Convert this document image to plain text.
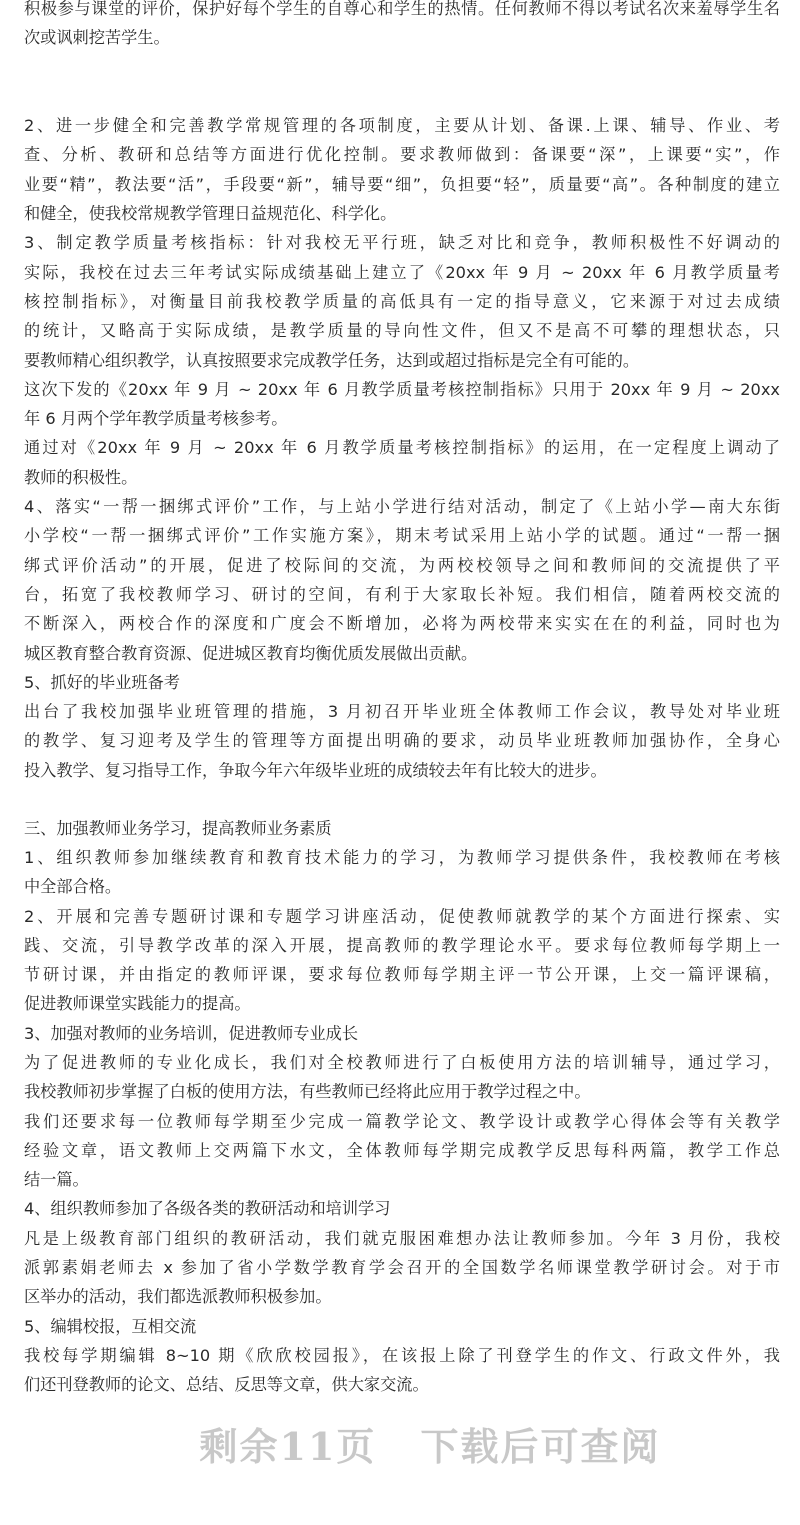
积极参与课堂的评价，保护好每个学生的自尊心和学生的热情。任何教师不得以考试名次来羞辱学生名
次或讽刺挖苦学生。
2、进一步健全和完善教学常规管理的各项制度，主要从计划、备课.上课、辅导、作业、考
查、分析、教研和总结等方面进行优化控制。要求教师做到：备课要“深”，上课要“实”，作
业要“精”，教法要“活”，手段要“新”，辅导要“细”，负担要“轻”，质量要“高”。各种制度的建立
和健全，使我校常规教学管理日益规范化、科学化。
3、制定教学质量考核指标：针对我校无平行班，缺乏对比和竞争，教师积极性不好调动的
实际，我校在过去三年考试实际成绩基础上建立了《20xx 年 9 月 ~ 20xx 年 6 月教学质量考
核控制指标》，对衡量目前我校教学质量的高低具有一定的指导意义，它来源于对过去成绩
的统计，又略高于实际成绩，是教学质量的导向性文件，但又不是高不可攀的理想状态，只
要教师精心组织教学，认真按照要求完成教学任务，达到或超过指标是完全有可能的。
这次下发的《20xx 年 9 月 ~ 20xx 年 6 月教学质量考核控制指标》只用于 20xx 年 9 月 ~ 20xx
年 6 月两个学年教学质量考核参考。
通过对《20xx 年 9 月 ~ 20xx 年 6 月教学质量考核控制指标》的运用，在一定程度上调动了
教师的积极性。
4、落实“一帮一捆绑式评价”工作，与上站小学进行结对活动，制定了《上站小学—南大东街
小学校“一帮一捆绑式评价”工作实施方案》，期末考试采用上站小学的试题。通过“一帮一捆
绑式评价活动”的开展，促进了校际间的交流，为两校校领导之间和教师间的交流提供了平
台，拓宽了我校教师学习、研讨的空间，有利于大家取长补短。我们相信，随着两校交流的
不断深入，两校合作的深度和广度会不断增加，必将为两校带来实实在在的利益，同时也为
城区教育整合教育资源、促进城区教育均衡优质发展做出贡献。
5、抓好的毕业班备考
出台了我校加强毕业班管理的措施，3 月初召开毕业班全体教师工作会议，教导处对毕业班
的教学、复习迎考及学生的管理等方面提出明确的要求，动员毕业班教师加强协作，全身心
投入教学、复习指导工作，争取今年六年级毕业班的成绩较去年有比较大的进步。
三、加强教师业务学习，提高教师业务素质
1、组织教师参加继续教育和教育技术能力的学习，为教师学习提供条件，我校教师在考核
中全部合格。
2、开展和完善专题研讨课和专题学习讲座活动，促使教师就教学的某个方面进行探索、实
践、交流，引导教学改革的深入开展，提高教师的教学理论水平。要求每位教师每学期上一
节研讨课，并由指定的教师评课，要求每位教师每学期主评一节公开课，上交一篇评课稿，
促进教师课堂实践能力的提高。
3、加强对教师的业务培训，促进教师专业成长
为了促进教师的专业化成长，我们对全校教师进行了白板使用方法的培训辅导，通过学习，
我校教师初步掌握了白板的使用方法，有些教师已经将此应用于教学过程之中。
我们还要求每一位教师每学期至少完成一篇教学论文、教学设计或教学心得体会等有关教学
经验文章，语文教师上交两篇下水文，全体教师每学期完成教学反思每科两篇，教学工作总
结一篇。
4、组织教师参加了各级各类的教研活动和培训学习
凡是上级教育部门组织的教研活动，我们就克服困难想办法让教师参加。今年 3 月份，我校
派郭素娟老师去 x 参加了省小学数学教育学会召开的全国数学名师课堂教学研讨会。对于市
区举办的活动，我们都选派教师积极参加。
5、编辑校报，互相交流
我校每学期编辑 8~10 期《欣欣校园报》，在该报上除了刊登学生的作文、行政文件外，我
们还刊登教师的论文、总结、反思等文章，供大家交流。
剩余11页 下载后可查阅
